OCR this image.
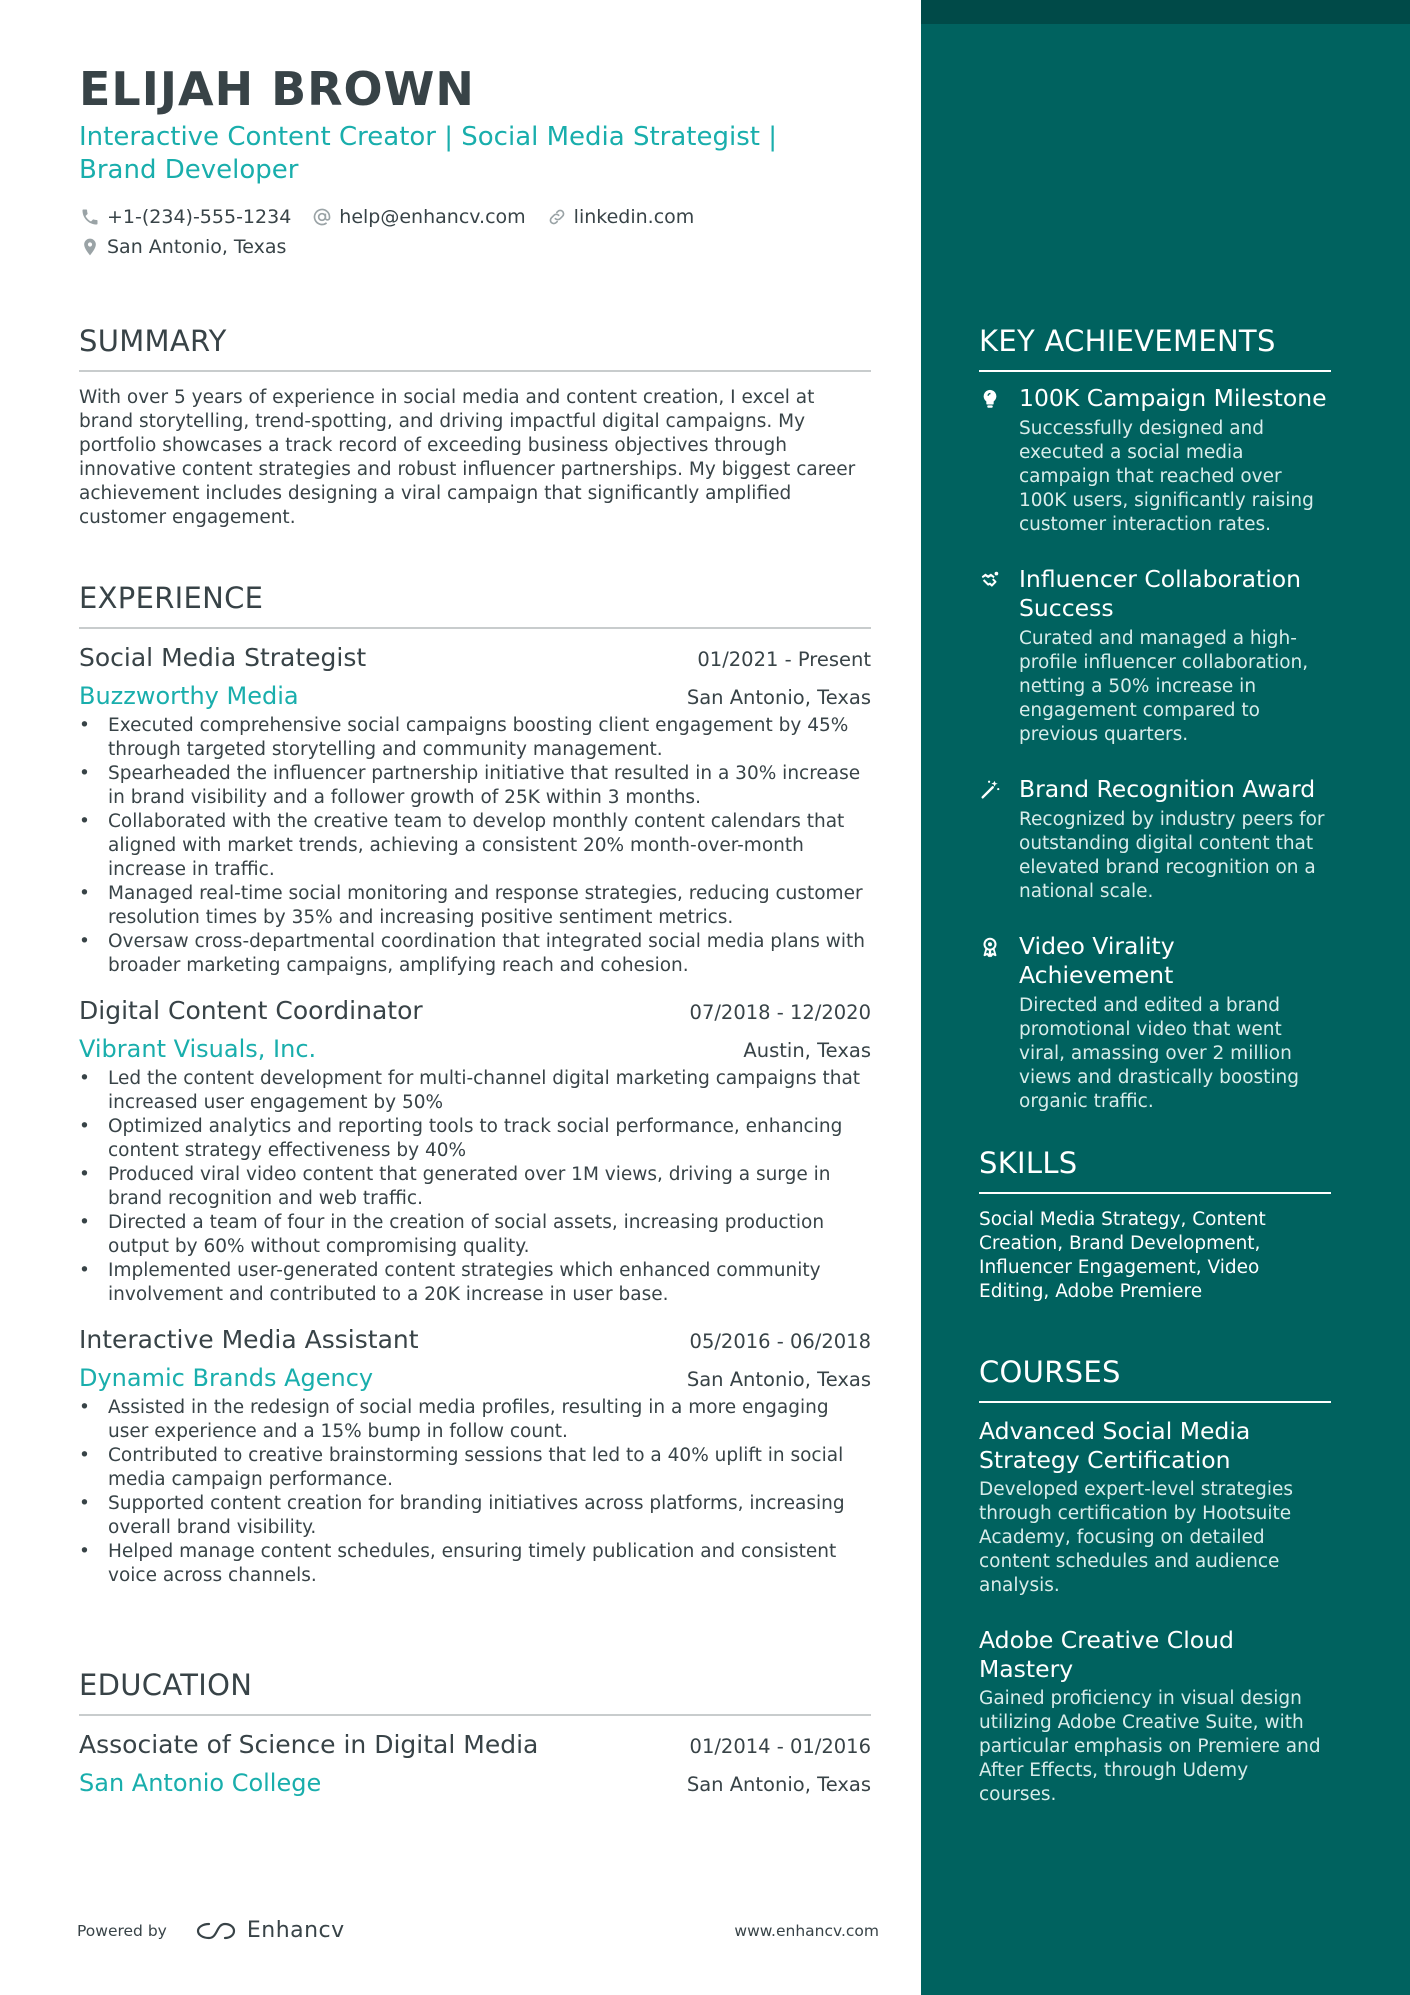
ELIJAH BROWN
Interactive Content Creator | Social Media Strategist | Brand Developer
+1-(234)-555-1234	help@enhancv.com	linkedin.com
San Antonio, Texas
SUMMARY
With over 5 years of experience in social media and content creation, I excel at brand storytelling, trend-spotting, and driving impactful digital campaigns. My portfolio showcases a track record of exceeding business objectives through innovative content strategies and robust influencer partnerships. My biggest career achievement includes designing a viral campaign that significantly amplified customer engagement.
EXPERIENCE
Social Media Strategist	01/2021 - Present
Buzzworthy Media	San Antonio, Texas
• Executed comprehensive social campaigns boosting client engagement by 45% through targeted storytelling and community management.
• Spearheaded the influencer partnership initiative that resulted in a 30% increase in brand visibility and a follower growth of 25K within 3 months.
• Collaborated with the creative team to develop monthly content calendars that aligned with market trends, achieving a consistent 20% month-over-month increase in traffic.
• Managed real-time social monitoring and response strategies, reducing customer resolution times by 35% and increasing positive sentiment metrics.
• Oversaw cross-departmental coordination that integrated social media plans with broader marketing campaigns, amplifying reach and cohesion.
Digital Content Coordinator	07/2018 - 12/2020
Vibrant Visuals, Inc.	Austin, Texas
• Led the content development for multi-channel digital marketing campaigns that increased user engagement by 50%
• Optimized analytics and reporting tools to track social performance, enhancing content strategy effectiveness by 40%
• Produced viral video content that generated over 1M views, driving a surge in brand recognition and web traffic.
• Directed a team of four in the creation of social assets, increasing production output by 60% without compromising quality.
• Implemented user-generated content strategies which enhanced community involvement and contributed to a 20K increase in user base.
Interactive Media Assistant	05/2016 - 06/2018
Dynamic Brands Agency	San Antonio, Texas
• Assisted in the redesign of social media profiles, resulting in a more engaging user experience and a 15% bump in follow count.
• Contributed to creative brainstorming sessions that led to a 40% uplift in social media campaign performance.
• Supported content creation for branding initiatives across platforms, increasing overall brand visibility.
• Helped manage content schedules, ensuring timely publication and consistent voice across channels.
EDUCATION
Associate of Science in Digital Media	01/2014 - 01/2016
San Antonio College	San Antonio, Texas
Powered by	Enhancv	www.enhancv.com
KEY ACHIEVEMENTS
100K Campaign Milestone
Successfully designed and executed a social media campaign that reached over 100K users, significantly raising customer interaction rates.
Influencer Collaboration Success
Curated and managed a high-profile influencer collaboration, netting a 50% increase in engagement compared to previous quarters.
Brand Recognition Award
Recognized by industry peers for outstanding digital content that elevated brand recognition on a national scale.
Video Virality Achievement
Directed and edited a brand promotional video that went viral, amassing over 2 million views and drastically boosting organic traffic.
SKILLS
Social Media Strategy, Content Creation, Brand Development, Influencer Engagement, Video Editing, Adobe Premiere
COURSES
Advanced Social Media Strategy Certification
Developed expert-level strategies through certification by Hootsuite Academy, focusing on detailed content schedules and audience analysis.
Adobe Creative Cloud Mastery
Gained proficiency in visual design utilizing Adobe Creative Suite, with particular emphasis on Premiere and After Effects, through Udemy courses.
